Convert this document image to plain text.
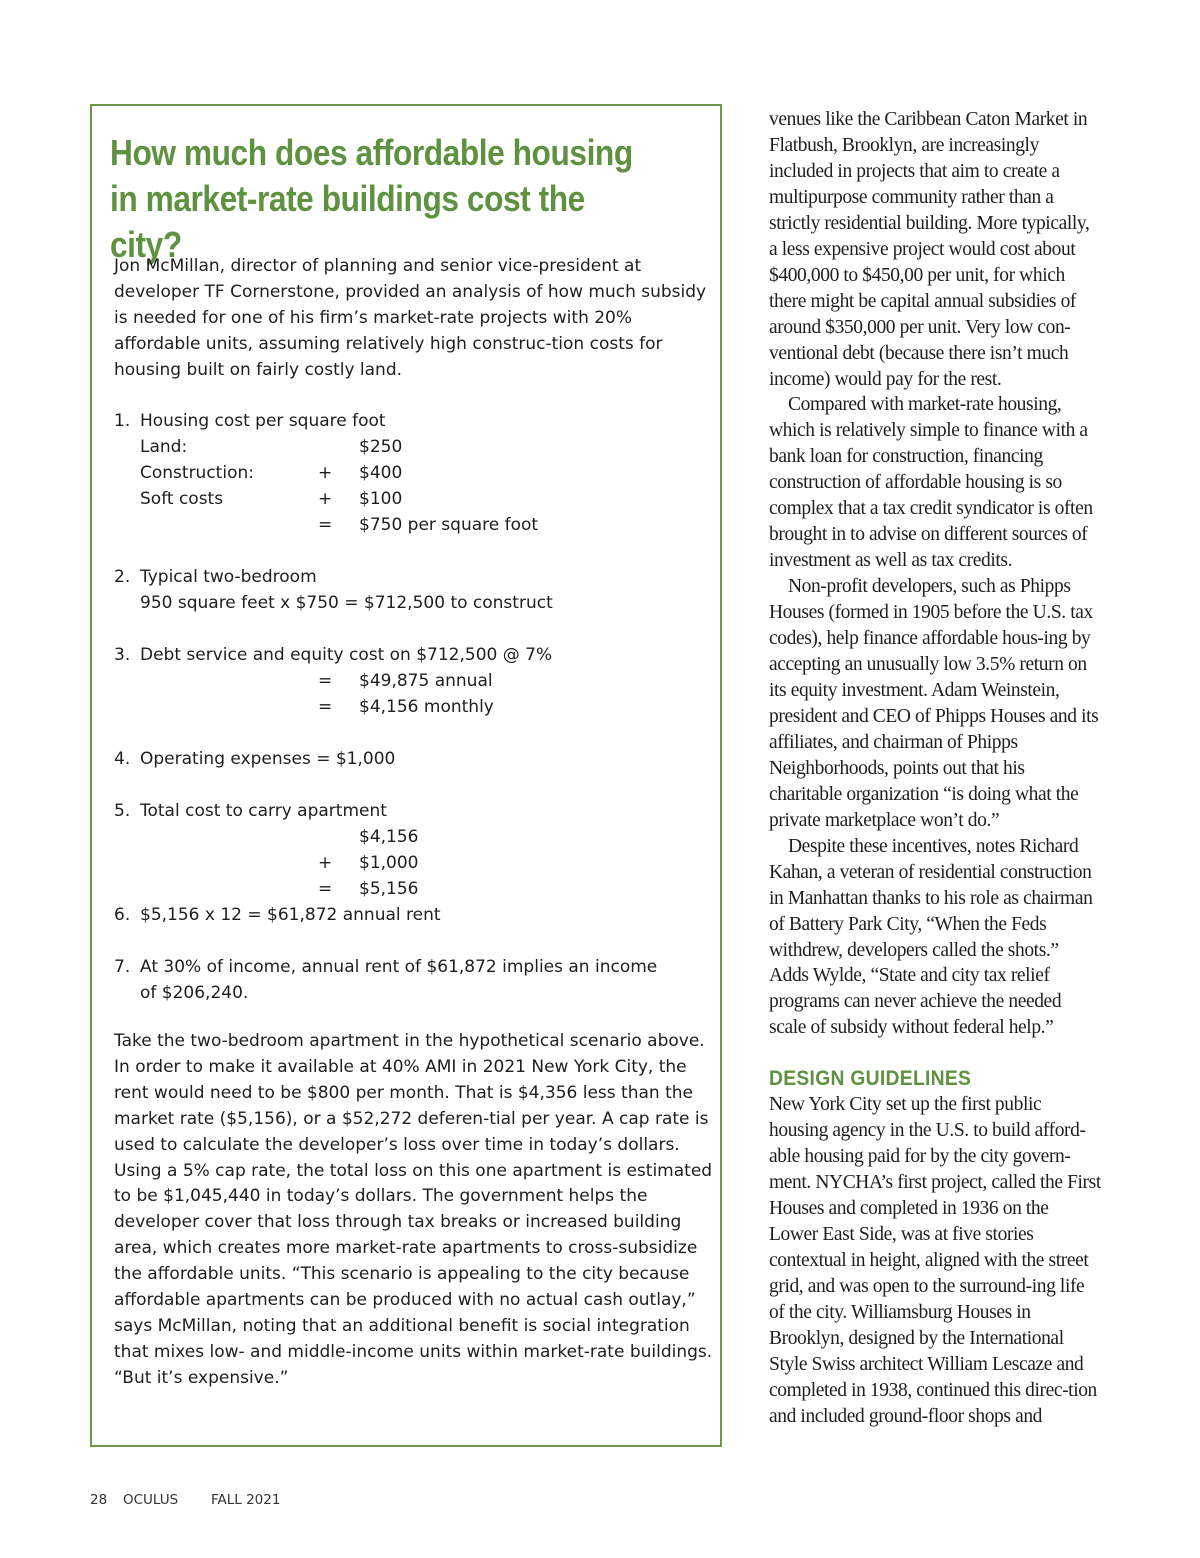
How much does affordable housing in market-rate buildings cost the city?

Jon McMillan, director of planning and senior vice-president at developer TF Cornerstone, provided an analysis of how much subsidy is needed for one of his firm’s market-rate projects with 20% affordable units, assuming relatively high construc-tion costs for housing built on fairly costly land.

1. Housing cost per square foot
Land:	$250
Construction:	+ $400
Soft costs	+ $100
= $750 per square foot
2. Typical two-bedroom
950 square feet x $750 = $712,500 to construct
3. Debt service and equity cost on $712,500 @ 7%
= $49,875 annual
= $4,156 monthly
4. Operating expenses = $1,000
5. Total cost to carry apartment
$4,156
+ $1,000
= $5,156
6. $5,156 x 12 = $61,872 annual rent
7. At 30% of income, annual rent of $61,872 implies an income
of $206,240.

Take the two-bedroom apartment in the hypothetical scenario above. In order to make it available at 40% AMI in 2021 New York City, the rent would need to be $800 per month. That is $4,356 less than the market rate ($5,156), or a $52,272 deferen-tial per year. A cap rate is used to calculate the developer’s loss over time in today’s dollars. Using a 5% cap rate, the total loss on this one apartment is estimated to be $1,045,440 in today’s dollars. The government helps the developer cover that loss through tax breaks or increased building area, which creates more market-rate apartments to cross-subsidize the affordable units. “This scenario is appealing to the city because affordable apartments can be produced with no actual cash outlay,” says McMillan, noting that an additional benefit is social integration that mixes low- and middle-income units within market-rate buildings. “But it’s expensive.”

venues like the Caribbean Caton Market in Flatbush, Brooklyn, are increasingly included in projects that aim to create a multipurpose community rather than a strictly residential building. More typically, a less expensive project would cost about $400,000 to $450,00 per unit, for which there might be capital annual subsidies of around $350,000 per unit. Very low con-ventional debt (because there isn’t much income) would pay for the rest.

Compared with market-rate housing, which is relatively simple to finance with a bank loan for construction, financing construction of affordable housing is so complex that a tax credit syndicator is often brought in to advise on different sources of investment as well as tax credits.

Non-profit developers, such as Phipps Houses (formed in 1905 before the U.S. tax codes), help finance affordable hous-ing by accepting an unusually low 3.5% return on its equity investment. Adam Weinstein, president and CEO of Phipps Houses and its affiliates, and chairman of Phipps Neighborhoods, points out that his charitable organization “is doing what the private marketplace won’t do.”

Despite these incentives, notes Richard Kahan, a veteran of residential construction in Manhattan thanks to his role as chairman of Battery Park City, “When the Feds withdrew, developers called the shots.” Adds Wylde, “State and city tax relief programs can never achieve the needed scale of subsidy without federal help.”

DESIGN GUIDELINES

New York City set up the first public housing agency in the U.S. to build afford-able housing paid for by the city govern-ment. NYCHA’s first project, called the First Houses and completed in 1936 on the Lower East Side, was at five stories contextual in height, aligned with the street grid, and was open to the surround-ing life of the city. Williamsburg Houses in Brooklyn, designed by the International Style Swiss architect William Lescaze and completed in 1938, continued this direc-tion and included ground-floor shops and

28 OCULUS FALL 2021
